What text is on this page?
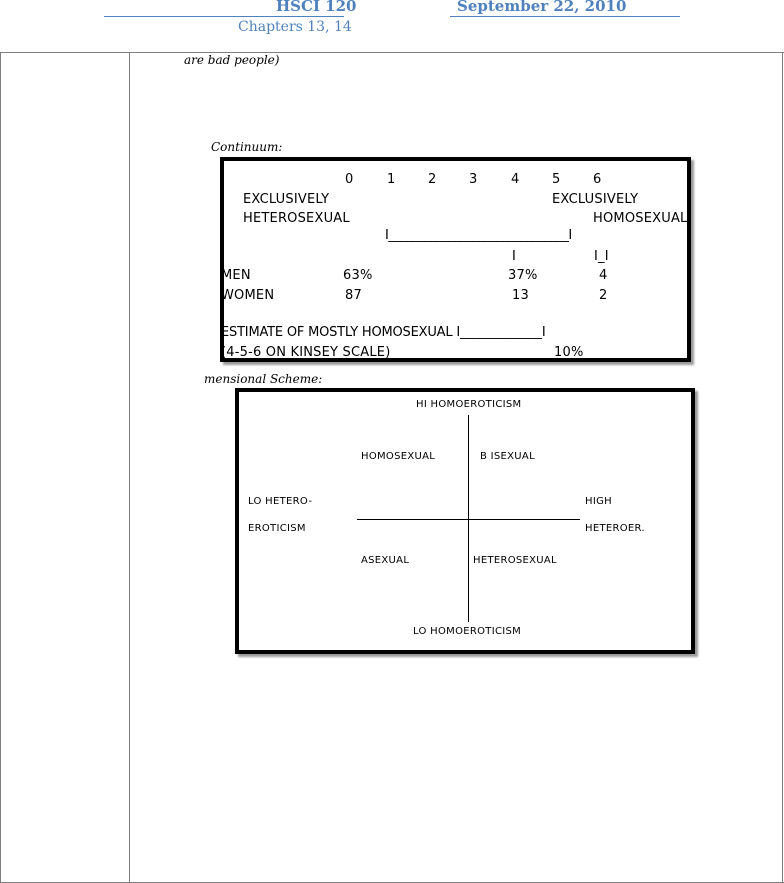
HSCI 120	September 22, 2010
Chapters 13, 14
are bad people)
Continuum:
mensional Scheme:
0	1	2	3	4	5	6
EXCLUSIVELY	EXCLUSIVELY
HETEROSEXUAL	HOMOSEXUAL
I______________________________I
I	I_I
MEN	63%	37%	4
WOMEN	87	13	2
ESTIMATE OF MOSTLY HOMOSEXUAL I_____________I
(4-5-6 ON KINSEY SCALE)	10%
HI HOMOEROTICISM
LO HOMOEROTICISM
LO HETERO-
EROTICISM
HIGH
HETEROER.
HOMOSEXUAL	B ISEXUAL
ASEXUAL	HETEROSEXUAL
